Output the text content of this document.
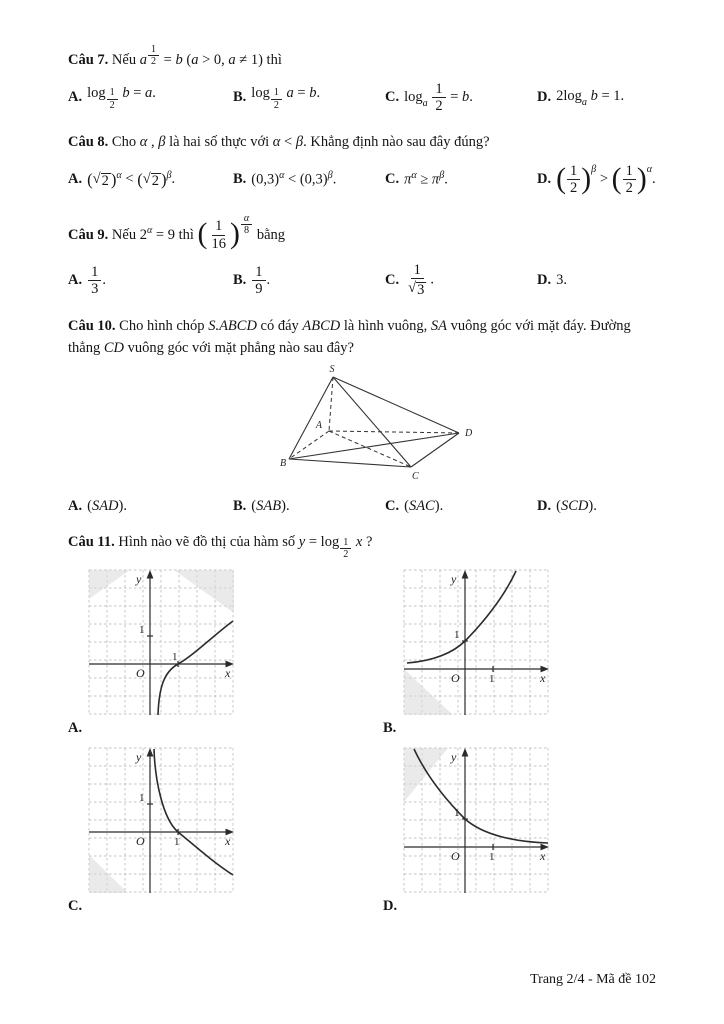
Câu 7. Nếu a $\frac{1}{2} = b$ (a > 0, a ≠ 1) thì

A. $\log \frac{1}{2}$ b = a.	B. $\log \frac{1}{2}$ a = b.	C. loga $\frac{1}{2} = b$.	D. 2loga b = 1.

Câu 8. Cho α , β là hai số thực với α < β. Khẳng định nào sau đây đúng?

A. ( √ 2 ) α < ( √ 2 ) β.	B. (0,3)α < (0,3)β.	C. πα ≥ πβ.	D. ( $\frac{1}{2}$ ) β > ( $\frac{1}{2}$ ) α.

Câu 9. Nếu 2α = 9 thì ( $\frac{1}{16}$ ) $\frac{\alpha}{8}$ bằng

A. $\frac{1}{3}$ .	B. $\frac{1}{9}$ .	C. $\frac{1}{√ 3}$ .	D. 3.

Câu 10. Cho hình chóp S.ABCD có đáy ABCD là hình vuông, SA vuông góc với mặt đáy. Đường thẳng CD vuông góc với mặt phẳng nào sau đây?

S
A
B
C
D
A. (SAD).	B. (SAB).	C. (SAC).	D. (SCD).

Câu 11. Hình nào vẽ đồ thị của hàm số $y = \log \frac{1}{2}$ x ?

y
x
O
1
1
A.
y
x
O	1
1
B.
y
x
O	1
1
C.
y
x
O	1
1
D.
Trang 2/4 - Mã đề 102
